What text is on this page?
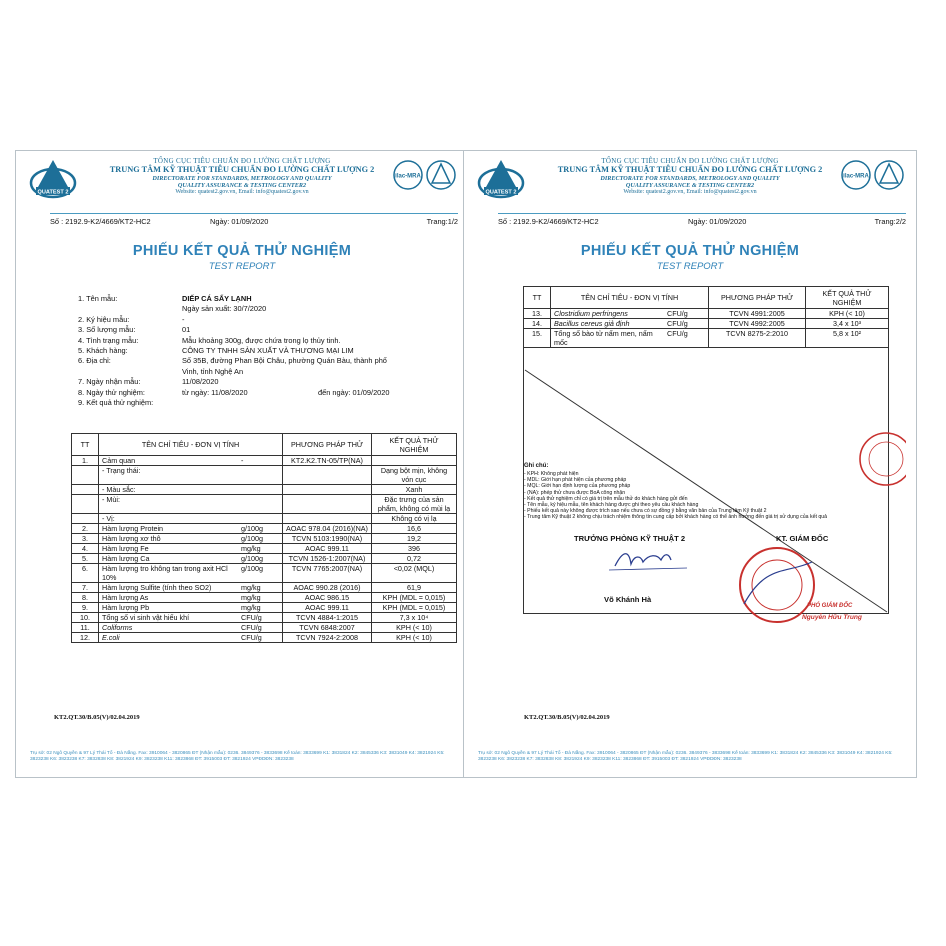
QUATEST 2
TỔNG CỤC TIÊU CHUẨN ĐO LƯỜNG CHẤT LƯỢNG
TRUNG TÂM KỸ THUẬT TIÊU CHUẨN ĐO LƯỜNG CHẤT LƯỢNG 2
DIRECTORATE FOR STANDARDS, METROLOGY AND QUALITY
QUALITY ASSURANCE & TESTING CENTER2
Website: quatest2.gov.vn, Email: info@quatest2.gov.vn
ilac-MRA
Số : 2192.9-K2/4669/KT2-HC2	Ngày: 01/09/2020	Trang:1/2
PHIẾU KẾT QUẢ THỬ NGHIỆM
TEST REPORT
1. Tên mẫu:	DIẾP CÁ SẤY LẠNH
Ngày sản xuất: 30/7/2020
2. Ký hiệu mẫu:	-
3. Số lượng mẫu:	01
4. Tình trạng mẫu:	Mẫu khoảng 300g, được chứa trong lọ thủy tinh.
5. Khách hàng:	CÔNG TY TNHH SẢN XUẤT VÀ THƯƠNG MẠI LIM
6. Địa chỉ:	Số 35B, đường Phan Bội Châu, phường Quán Bàu, thành phố
Vinh, tỉnh Nghệ An
7. Ngày nhận mẫu:	11/08/2020
8. Ngày thử nghiệm:	từ ngày: 11/08/2020	đến ngày: 01/09/2020
9. Kết quả thử nghiệm:
TT	TÊN CHỈ TIÊU - ĐƠN VỊ TÍNH		PHƯƠNG PHÁP THỬ	KẾT QUẢ THỬ NGHIỆM
1.	Cảm quan	-	KT2.K2.TN-05/TP(NA)	
	- Trạng thái:			Dạng bột mịn, không vón cục
	- Màu sắc:			Xanh
	- Mùi:			Đặc trưng của sản phẩm, không có mùi lạ
	- Vị:			Không có vị lạ
2.	Hàm lượng Protein	g/100g	AOAC 978.04 (2016)(NA)	16,6
3.	Hàm lượng xơ thô	g/100g	TCVN 5103:1990(NA)	19,2
4.	Hàm lượng Fe	mg/kg	AOAC 999.11	396
5.	Hàm lượng Ca	g/100g	TCVN 1526-1:2007(NA)	0,72
6.	Hàm lượng tro không tan trong axit HCl 10%	g/100g	TCVN 7765:2007(NA)	<0,02 (MQL)
7.	Hàm lượng Sulfite (tính theo SO2)	mg/kg	AOAC 990.28 (2016)	61,9
8.	Hàm lượng As	mg/kg	AOAC 986.15	KPH (MDL = 0,015)
9.	Hàm lượng Pb	mg/kg	AOAC 999.11	KPH (MDL = 0,015)
10.	Tổng số vi sinh vật hiếu khí	CFU/g	TCVN 4884-1:2015	7,3 x 10⁴
11.	Coliforms	CFU/g	TCVN 6848:2007	KPH (< 10)
12.	E.coli	CFU/g	TCVN 7924-2:2008	KPH (< 10)
KT2.QT.30/B.05(V)/02.04.2019
Trụ sở: 02 Ngô Quyền & 97 Lý Thái Tổ - Đà Nẵng. Fax: 3910064 - 3820865 ĐT (Nhận mẫu): 0236. 3849376 - 3833698 Kế toán: 3833699 K1: 3831824 K2: 3845336 K3: 3831049 K4: 3821924 K5: 3823238 K6: 3823238 K7: 3832838 K8: 3821924 K9: 3823238 K11: 3823868 ĐT: 3915003 ĐT: 3821924 VPĐDĐN: 3823238
QUATEST 2
TỔNG CỤC TIÊU CHUẨN ĐO LƯỜNG CHẤT LƯỢNG
TRUNG TÂM KỸ THUẬT TIÊU CHUẨN ĐO LƯỜNG CHẤT LƯỢNG 2
DIRECTORATE FOR STANDARDS, METROLOGY AND QUALITY
QUALITY ASSURANCE & TESTING CENTER2
Website: quatest2.gov.vn, Email: info@quatest2.gov.vn
ilac-MRA
Số : 2192.9-K2/4669/KT2-HC2	Ngày: 01/09/2020	Trang:2/2
PHIẾU KẾT QUẢ THỬ NGHIỆM
TEST REPORT
TT	TÊN CHỈ TIÊU - ĐƠN VỊ TÍNH		PHƯƠNG PHÁP THỬ	KẾT QUẢ THỬ NGHIỆM
13.	Clostridium perfringens	CFU/g	TCVN 4991:2005	KPH (< 10)
14.	Bacillus cereus giả định	CFU/g	TCVN 4992:2005	3,4 x 10³
15.	Tổng số bào tử nấm men, nấm mốc	CFU/g	TCVN 8275-2:2010	5,8 x 10²
Ghi chú:
- KPH: Không phát hiện
- MDL: Giới hạn phát hiện của phương pháp
- MQL: Giới hạn định lượng của phương pháp
- (NA): phép thử chưa được BoA công nhận
- Kết quả thử nghiệm chỉ có giá trị trên mẫu thử do khách hàng gửi đến
- Tên mẫu, ký hiệu mẫu, tên khách hàng được ghi theo yêu cầu khách hàng
- Phiếu kết quả này không được trích sao nếu chưa có sự đồng ý bằng văn bản của Trung tâm Kỹ thuật 2
- Trung tâm Kỹ thuật 2 không chịu trách nhiệm thông tin cung cấp bởi khách hàng có thể ảnh hưởng đến giá trị sử dụng của kết quả
TRƯỞNG PHÒNG KỸ THUẬT 2
Võ Khánh Hà
KT. GIÁM ĐỐC
PHÓ GIÁM ĐỐC
Nguyễn Hữu Trung
KT2.QT.30/B.05(V)/02.04.2019
Trụ sở: 02 Ngô Quyền & 97 Lý Thái Tổ - Đà Nẵng. Fax: 3910064 - 3820865 ĐT (Nhận mẫu): 0236. 3849376 - 3833698 Kế toán: 3833699 K1: 3831824 K2: 3845336 K3: 3831049 K4: 3821924 K5: 3823238 K6: 3823238 K7: 3832838 K8: 3821924 K9: 3823238 K11: 3823868 ĐT: 3915003 ĐT: 3821924 VPĐDĐN: 3823238
